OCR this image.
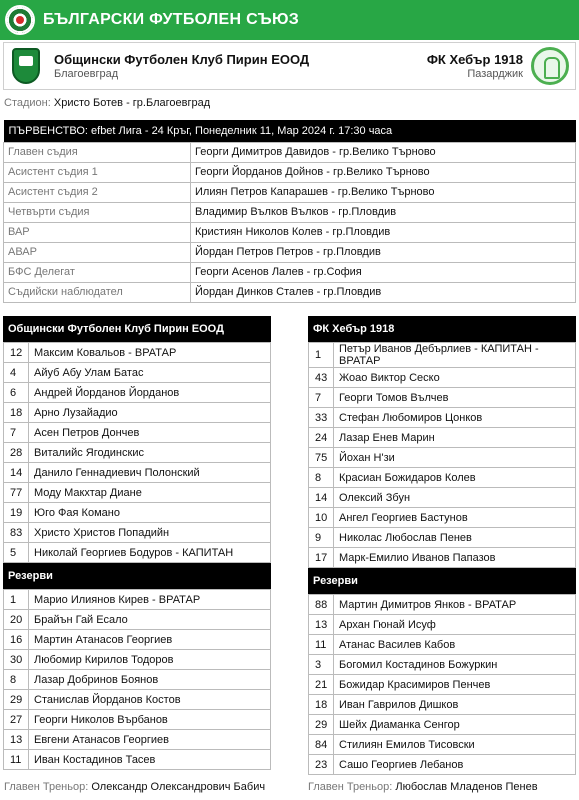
БЪЛГАРСКИ ФУТБОЛЕН СЪЮЗ
Общински Футболен Клуб Пирин ЕООД
Благоевград
ФК Хебър 1918
Пазарджик
Стадион: Христо Ботев - гр.Благоевград
ПЪРВЕНСТВО: efbet Лига - 24 Кръг, Понеделник 11, Мар 2024 г. 17:30 часа	
Главен съдия	Георги Димитров Давидов - гр.Велико Търново
Асистент съдия 1	Георги Йорданов Дойнов - гр.Велико Търново
Асистент съдия 2	Илиян Петров Капарашев - гр.Велико Търново
Четвърти съдия	Владимир Вълков Вълков - гр.Пловдив
ВАР	Кристиян Николов Колев - гр.Пловдив
АВАР	Йордан Петров Петров - гр.Пловдив
БФС Делегат	Георги Асенов Лалев - гр.София
Съдийски наблюдател	Йордан Динков Сталев - гр.Пловдив
Общински Футболен Клуб Пирин ЕООД
12	Максим Ковальов - ВРАТАР
4	Айуб Абу Улам Батас
6	Андрей Йорданов Йорданов
18	Арно Лузайадио
7	Асен Петров Дончев
28	Виталийс Ягодинскис
14	Данило Геннадиевич Полонский
77	Моду Макхтар Диане
19	Юго Фая Комано
83	Христо Христов Попадийн
5	Николай Георгиев Бодуров - КАПИТАН
Резерви
1	Марио Илиянов Кирев - ВРАТАР
20	Брайън Гай Есало
16	Мартин Атанасов Георгиев
30	Любомир Кирилов Тодоров
8	Лазар Добринов Боянов
29	Станислав Йорданов Костов
27	Георги Николов Върбанов
13	Евгени Атанасов Георгиев
11	Иван Костадинов Тасев
ФК Хебър 1918
1	Петър Иванов Дебърлиев - КАПИТАН - ВРАТАР
43	Жоао Виктор Сеско
7	Георги Томов Вълчев
33	Стефан Любомиров Цонков
24	Лазар Енев Марин
75	Йохан Н'зи
8	Красиан Божидаров Колев
14	Олексий Збун
10	Ангел Георгиев Бастунов
9	Николас Любослав Пенев
17	Марк-Емилио Иванов Папазов
Резерви
88	Мартин Димитров Янков - ВРАТАР
13	Архан Гюнай Исуф
11	Атанас Василев Кабов
3	Богомил Костадинов Божуркин
21	Божидар Красимиров Пенчев
18	Иван Гаврилов Дишков
29	Шейх Диаманка Сенгор
84	Стилиян Емилов Тисовски
23	Сашо Георгиев Лебанов
Главен Треньор: Олександр Олександрович Бабич	Главен Треньор: Любослав Младенов Пенев
